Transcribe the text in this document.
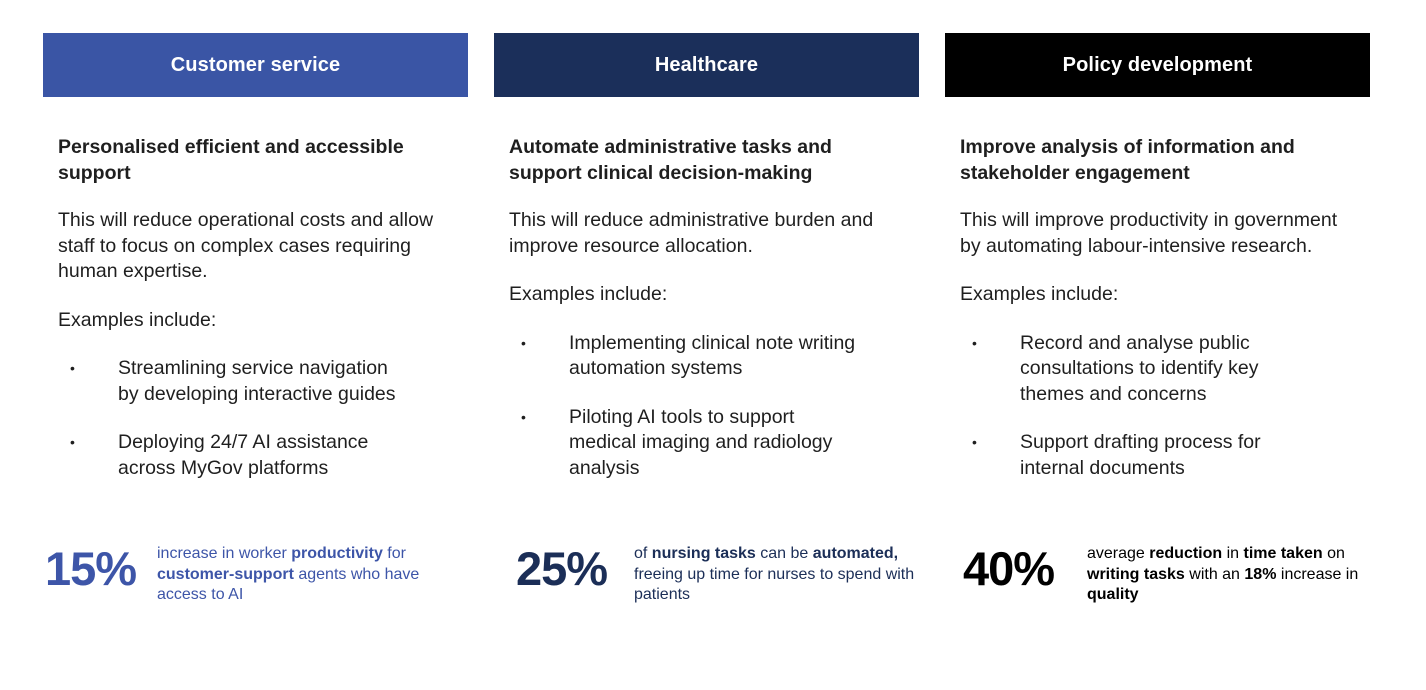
Customer service
Personalised efficient and accessible support
This will reduce operational costs and allow staff to focus on complex cases requiring human expertise.
Examples include:
•	Streamlining service navigation by developing interactive guides
•	Deploying 24/7 AI assistance across MyGov platforms
Healthcare
Automate administrative tasks and support clinical decision-making
This will reduce administrative burden and improve resource allocation.
Examples include:
•	Implementing clinical note writing automation systems
•	Piloting AI tools to support medical imaging and radiology analysis
Policy development
Improve analysis of information and stakeholder engagement
This will improve productivity in government by automating labour-intensive research.
Examples include:
•	Record and analyse public consultations to identify key themes and concerns
•	Support drafting process for internal documents
15%	increase in worker productivity for customer-support agents who have access to AI	25%	of nursing tasks can be automated, freeing up time for nurses to spend with patients	40%	average reduction in time taken on writing tasks with an 18% increase in quality
